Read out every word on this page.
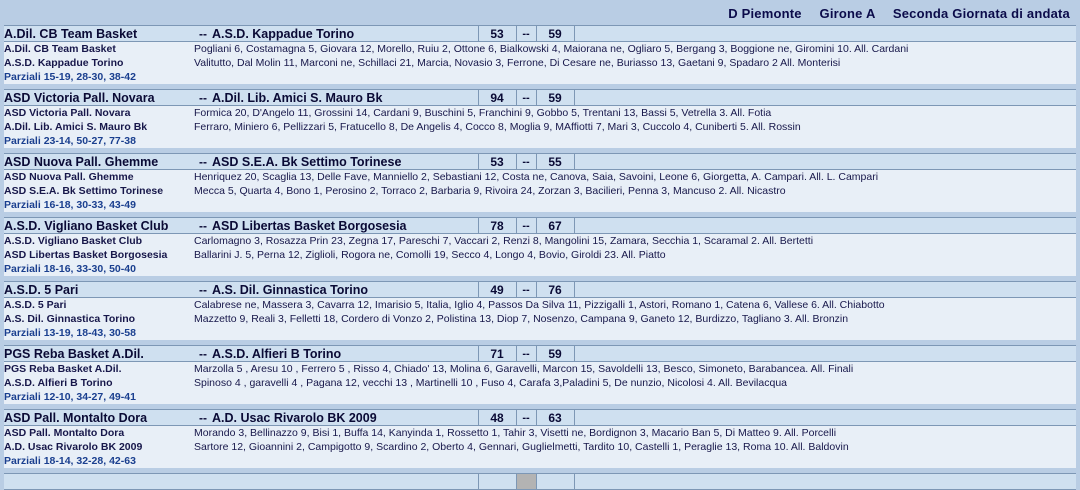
D Piemonte Girone A Seconda Giornata di andata
A.Dil. CB Team Basket	--	A.S.D. Kappadue Torino	53	--	59	
A.Dil. CB Team Basket	Pogliani 6, Costamagna 5, Giovara 12, Morello, Ruiu 2, Ottone 6, Bialkowski 4, Maiorana ne, Ogliaro 5, Bergang 3, Boggione ne, Giromini 10. All. Cardani					
A.S.D. Kappadue Torino	Valitutto, Dal Molin 11, Marconi ne, Schillaci 21, Marcia, Novasio 3, Ferrone, Di Cesare ne, Buriasso 13, Gaetani 9, Spadaro 2 All. Monterisi					
Parziali 15-19, 28-30, 38-42						

ASD Victoria Pall. Novara	--	A.Dil. Lib. Amici S. Mauro Bk	94	--	59	
ASD Victoria Pall. Novara	Formica 20, D'Angelo 11, Grossini 14, Cardani 9, Buschini 5, Franchini 9, Gobbo 5, Trentani 13, Bassi 5, Vetrella 3. All. Fotia					
A.Dil. Lib. Amici S. Mauro Bk	Ferraro, Miniero 6, Pellizzari 5, Fratucello 8, De Angelis 4, Cocco 8, Moglia 9, MAffiotti 7, Mari 3, Cuccolo 4, Cuniberti 5. All. Rossin					
Parziali 23-14, 50-27, 77-38						

ASD Nuova Pall. Ghemme	--	ASD S.E.A. Bk Settimo Torinese	53	--	55	
ASD Nuova Pall. Ghemme	Henriquez 20, Scaglia 13, Delle Fave, Manniello 2, Sebastiani 12, Costa ne, Canova, Saia, Savoini, Leone 6, Giorgetta, A. Campari. All. L. Campari					
ASD S.E.A. Bk Settimo Torinese	Mecca 5, Quarta 4, Bono 1, Perosino 2, Torraco 2, Barbaria 9, Rivoira 24, Zorzan 3, Bacilieri, Penna 3, Mancuso 2. All. Nicastro					
Parziali 16-18, 30-33, 43-49						

A.S.D. Vigliano Basket Club	--	ASD Libertas Basket Borgosesia	78	--	67	
A.S.D. Vigliano Basket Club	Carlomagno 3, Rosazza Prin 23, Zegna 17, Pareschi 7, Vaccari 2, Renzi 8, Mangolini 15, Zamara, Secchia 1, Scaramal 2. All. Bertetti					
ASD Libertas Basket Borgosesia	Ballarini J. 5, Perna 12, Ziglioli, Rogora ne, Comolli 19, Secco 4, Longo 4, Bovio, Giroldi 23. All. Piatto					
Parziali 18-16, 33-30, 50-40						

A.S.D. 5 Pari	--	A.S. Dil. Ginnastica Torino	49	--	76	
A.S.D. 5 Pari	Calabrese ne, Massera 3, Cavarra 12, Imarisio 5, Italia, Iglio 4, Passos Da Silva 11, Pizzigalli 1, Astori, Romano 1, Catena 6, Vallese 6. All. Chiabotto					
A.S. Dil. Ginnastica Torino	Mazzetto 9, Reali 3, Felletti 18, Cordero di Vonzo 2, Polistina 13, Diop 7, Nosenzo, Campana 9, Ganeto 12, Burdizzo, Tagliano 3. All. Bronzin					
Parziali 13-19, 18-43, 30-58						

PGS Reba Basket A.Dil.	--	A.S.D. Alfieri B Torino	71	--	59	
PGS Reba Basket A.Dil.	Marzolla 5 , Aresu 10 , Ferrero 5 , Risso 4, Chiado' 13, Molina 6, Garavelli, Marcon 15, Savoldelli 13, Besco, Simoneto, Barabancea. All. Finali					
A.S.D. Alfieri B Torino	Spinoso 4 , garavelli 4 , Pagana 12, vecchi 13 , Martinelli 10 , Fuso 4, Carafa 3,Paladini 5, De nunzio, Nicolosi 4. All. Bevilacqua					
Parziali 12-10, 34-27, 49-41						

ASD Pall. Montalto Dora	--	A.D. Usac Rivarolo BK 2009	48	--	63	
ASD Pall. Montalto Dora	Morando 3, Bellinazzo 9, Bisi 1, Buffa 14, Kanyinda 1, Rossetto 1, Tahir 3, Visetti ne, Bordignon 3, Macario Ban 5, Di Matteo 9. All. Porcelli					
A.D. Usac Rivarolo BK 2009	Sartore 12, Gioannini 2, Campigotto 9, Scardino 2, Oberto 4, Gennari, Guglielmetti, Tardito 10, Castelli 1, Peraglie 13, Roma 10. All. Baldovin					
Parziali 18-14, 32-28, 42-63						
